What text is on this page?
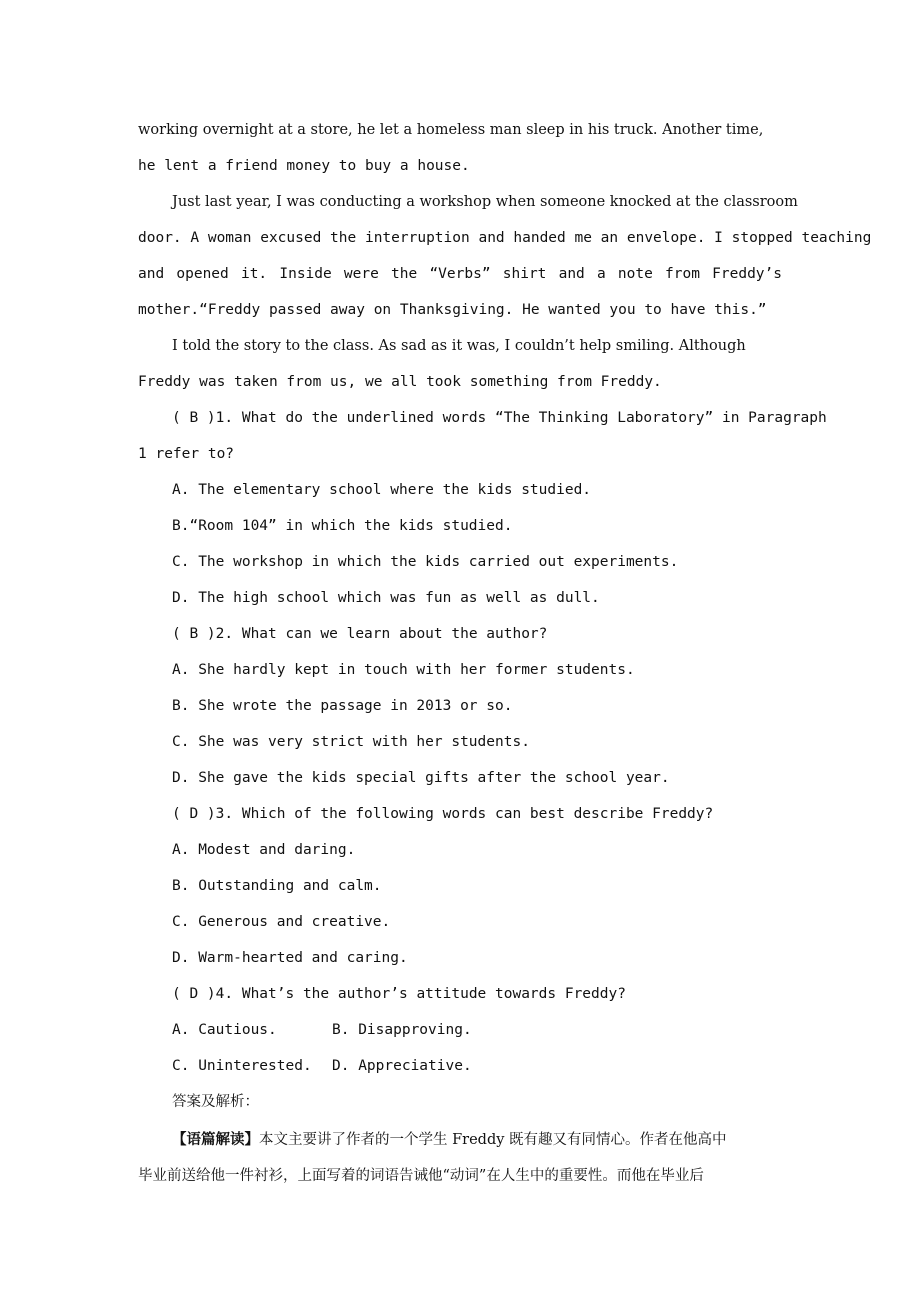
working overnight at a store, he let a homeless man sleep in his truck. Another time,
he lent a friend money to buy a house.
Just last year, I was conducting a workshop when someone knocked at the classroom
door. A woman excused the interruption and handed me an envelope. I stopped teaching
and opened it. Inside were the “Verbs” shirt and a note from Freddy’s
mother.“Freddy passed away on Thanksgiving. He wanted you to have this.”
I told the story to the class. As sad as it was, I couldn’t help smiling. Although
Freddy was taken from us, we all took something from Freddy.
( B )1. What do the underlined words “The Thinking Laboratory” in Paragraph
1 refer to?
A. The elementary school where the kids studied.
B.“Room 104” in which the kids studied.
C. The workshop in which the kids carried out experiments.
D. The high school which was fun as well as dull.
( B )2. What can we learn about the author?
A. She hardly kept in touch with her former students.
B. She wrote the passage in 2013 or so.
C. She was very strict with her students.
D. She gave the kids special gifts after the school year.
( D )3. Which of the following words can best describe Freddy?
A. Modest and daring.
B. Outstanding and calm.
C. Generous and creative.
D. Warm-hearted and caring.
( D )4. What’s the author’s attitude towards Freddy?
A. Cautious.	B. Disapproving.
C. Uninterested. D. Appreciative.
答案及解析：
【语篇解读】本文主要讲了作者的一个学生 Freddy 既有趣又有同情心。作者在他高中
毕业前送给他一件衬衫，上面写着的词语告诫他“动词”在人生中的重要性。而他在毕业后
